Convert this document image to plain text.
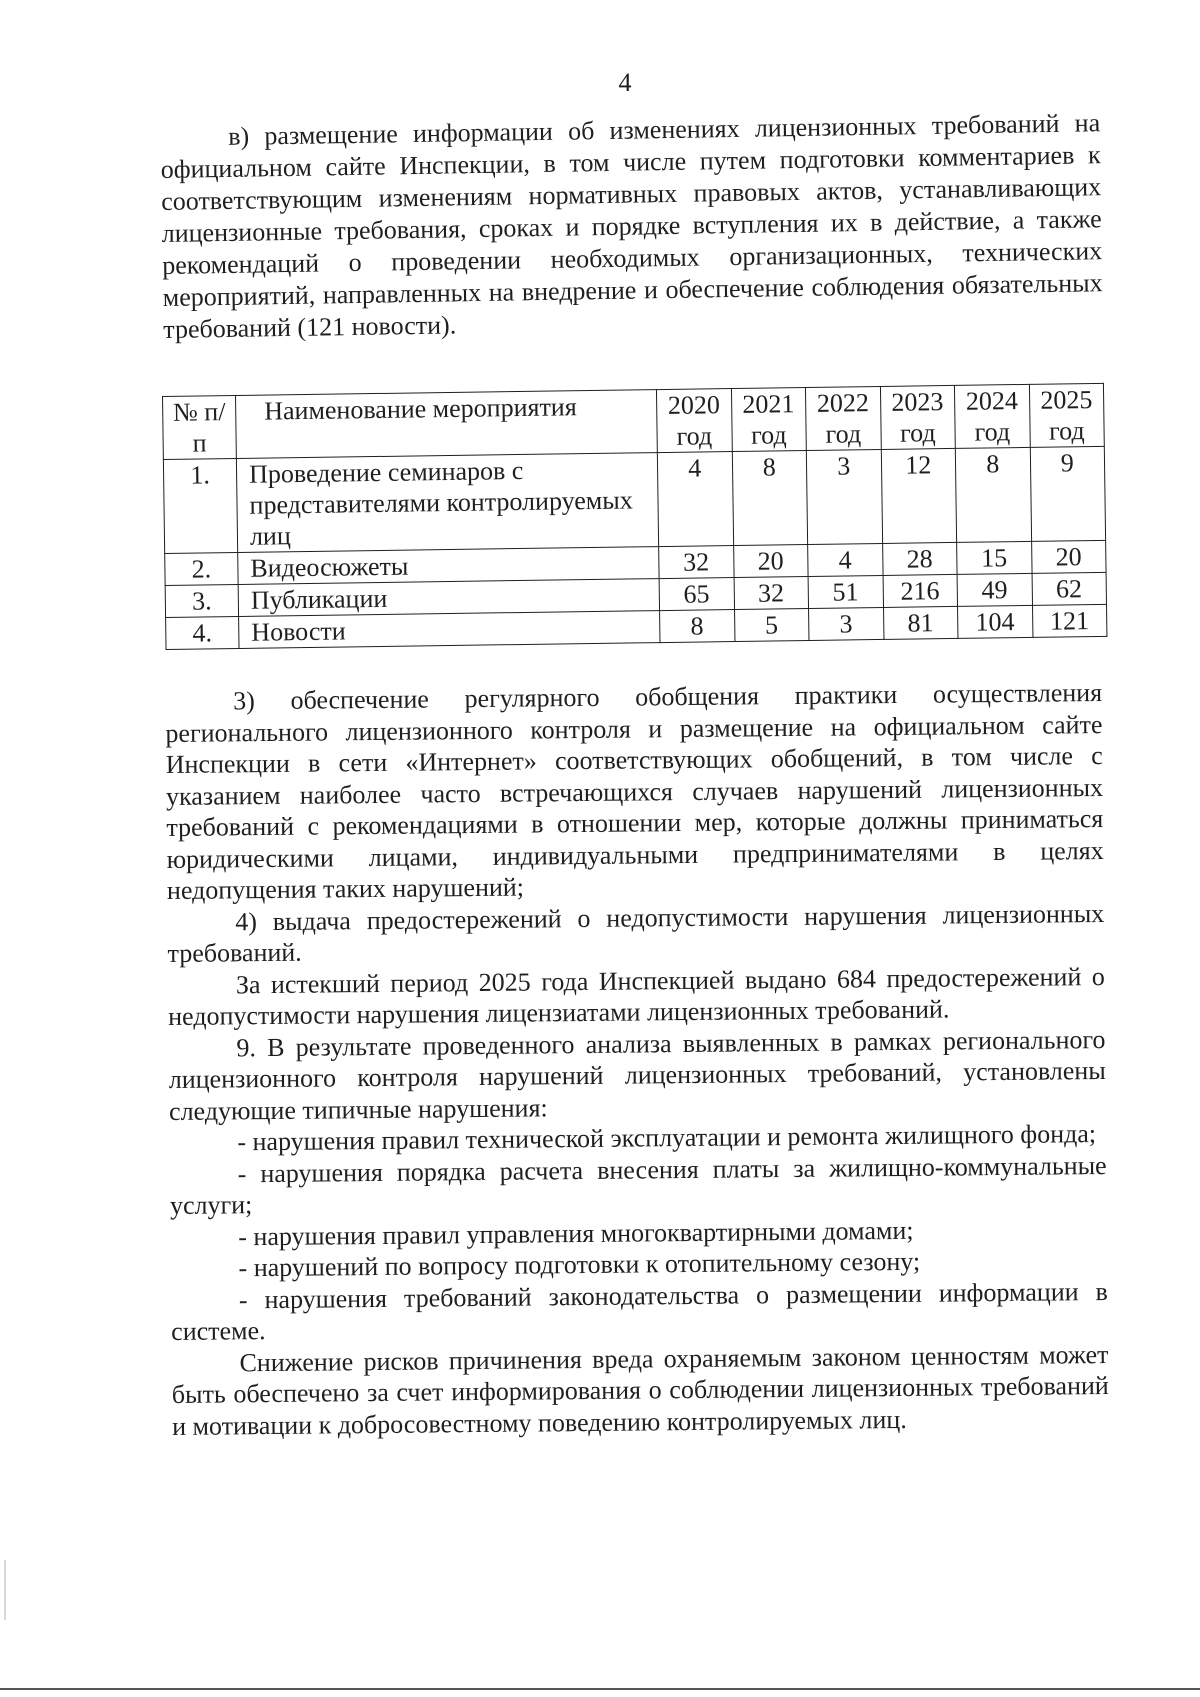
4

в) размещение информации об изменениях лицензионных требований на официальном сайте Инспекции, в том числе путем подготовки комментариев к соответствующим изменениям нормативных правовых актов, устанавливающих лицензионные требования, сроках и порядке вступления их в действие, а также рекомендаций о проведении необходимых организационных, технических мероприятий, направленных на внедрение и обеспечение соблюдения обязательных требований (121 новости).

№ п/п	Наименование мероприятия	2020 год	2021 год	2022 год	2023 год	2024 год	2025 год
1.	Проведение семинаров с представителями контролируемых лиц	4	8	3	12	8	9
2.	Видеосюжеты	32	20	4	28	15	20
3.	Публикации	65	32	51	216	49	62
4.	Новости	8	5	3	81	104	121

3) обеспечение регулярного обобщения практики осуществления регионального лицензионного контроля и размещение на официальном сайте Инспекции в сети «Интернет» соответствующих обобщений, в том числе с указанием наиболее часто встречающихся случаев нарушений лицензионных требований с рекомендациями в отношении мер, которые должны приниматься юридическими лицами, индивидуальными предпринимателями в целях недопущения таких нарушений;

4) выдача предостережений о недопустимости нарушения лицензионных требований.

За истекший период 2025 года Инспекцией выдано 684 предостережений о недопустимости нарушения лицензиатами лицензионных требований.

9. В результате проведенного анализа выявленных в рамках регионального лицензионного контроля нарушений лицензионных требований, установлены следующие типичные нарушения:

- нарушения правил технической эксплуатации и ремонта жилищного фонда;

- нарушения порядка расчета внесения платы за жилищно-коммунальные услуги;

- нарушения правил управления многоквартирными домами;

- нарушений по вопросу подготовки к отопительному сезону;

- нарушения требований законодательства о размещении информации в системе.

Снижение рисков причинения вреда охраняемым законом ценностям может быть обеспечено за счет информирования о соблюдении лицензионных требований и мотивации к добросовестному поведению контролируемых лиц.
